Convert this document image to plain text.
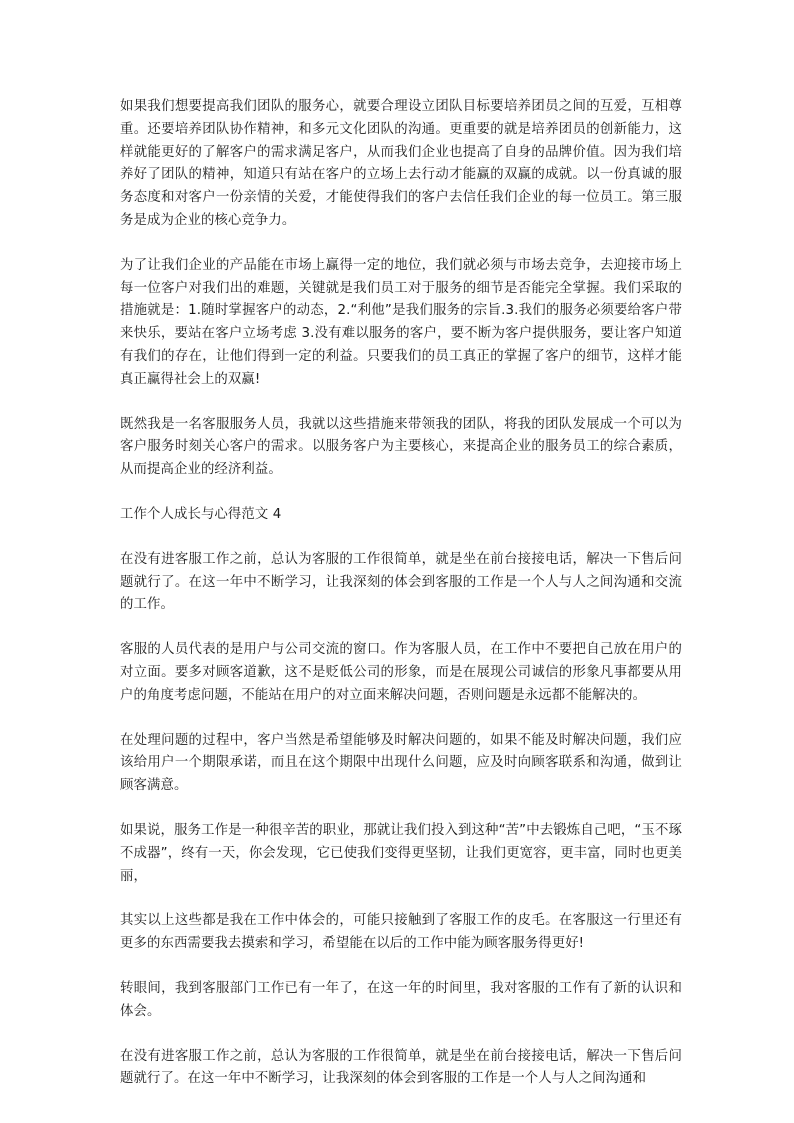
如果我们想要提高我们团队的服务心，就要合理设立团队目标要培养团员之间的互爱，互相尊重。还要培养团队协作精神，和多元文化团队的沟通。更重要的就是培养团员的创新能力，这样就能更好的了解客户的需求满足客户，从而我们企业也提高了自身的品牌价值。因为我们培养好了团队的精神，知道只有站在客户的立场上去行动才能赢的双赢的成就。以一份真诚的服务态度和对客户一份亲情的关爱，才能使得我们的客户去信任我们企业的每一位员工。第三服务是成为企业的核心竞争力。

为了让我们企业的产品能在市场上赢得一定的地位，我们就必须与市场去竞争，去迎接市场上每一位客户对我们出的难题，关键就是我们员工对于服务的细节是否能完全掌握。我们采取的措施就是：1.随时掌握客户的动态，2.“利他”是我们服务的宗旨.3.我们的服务必须要给客户带来快乐，要站在客户立场考虑 3.没有难以服务的客户，要不断为客户提供服务，要让客户知道有我们的存在，让他们得到一定的利益。只要我们的员工真正的掌握了客户的细节，这样才能真正赢得社会上的双赢!

既然我是一名客服服务人员，我就以这些措施来带领我的团队，将我的团队发展成一个可以为客户服务时刻关心客户的需求。以服务客户为主要核心，来提高企业的服务员工的综合素质，从而提高企业的经济利益。

工作个人成长与心得范文 4

在没有进客服工作之前，总认为客服的工作很简单，就是坐在前台接接电话，解决一下售后问题就行了。在这一年中不断学习，让我深刻的体会到客服的工作是一个人与人之间沟通和交流的工作。

客服的人员代表的是用户与公司交流的窗口。作为客服人员，在工作中不要把自己放在用户的对立面。要多对顾客道歉，这不是贬低公司的形象，而是在展现公司诚信的形象凡事都要从用户的角度考虑问题，不能站在用户的对立面来解决问题，否则问题是永远都不能解决的。

在处理问题的过程中，客户当然是希望能够及时解决问题的，如果不能及时解决问题，我们应该给用户一个期限承诺，而且在这个期限中出现什么问题，应及时向顾客联系和沟通，做到让顾客满意。

如果说，服务工作是一种很辛苦的职业，那就让我们投入到这种“苦”中去锻炼自己吧，“玉不琢不成器”，终有一天，你会发现，它已使我们变得更坚韧，让我们更宽容，更丰富，同时也更美丽，

其实以上这些都是我在工作中体会的，可能只接触到了客服工作的皮毛。在客服这一行里还有更多的东西需要我去摸索和学习，希望能在以后的工作中能为顾客服务得更好!

转眼间，我到客服部门工作已有一年了，在这一年的时间里，我对客服的工作有了新的认识和体会。

在没有进客服工作之前，总认为客服的工作很简单，就是坐在前台接接电话，解决一下售后问题就行了。在这一年中不断学习，让我深刻的体会到客服的工作是一个人与人之间沟通和
